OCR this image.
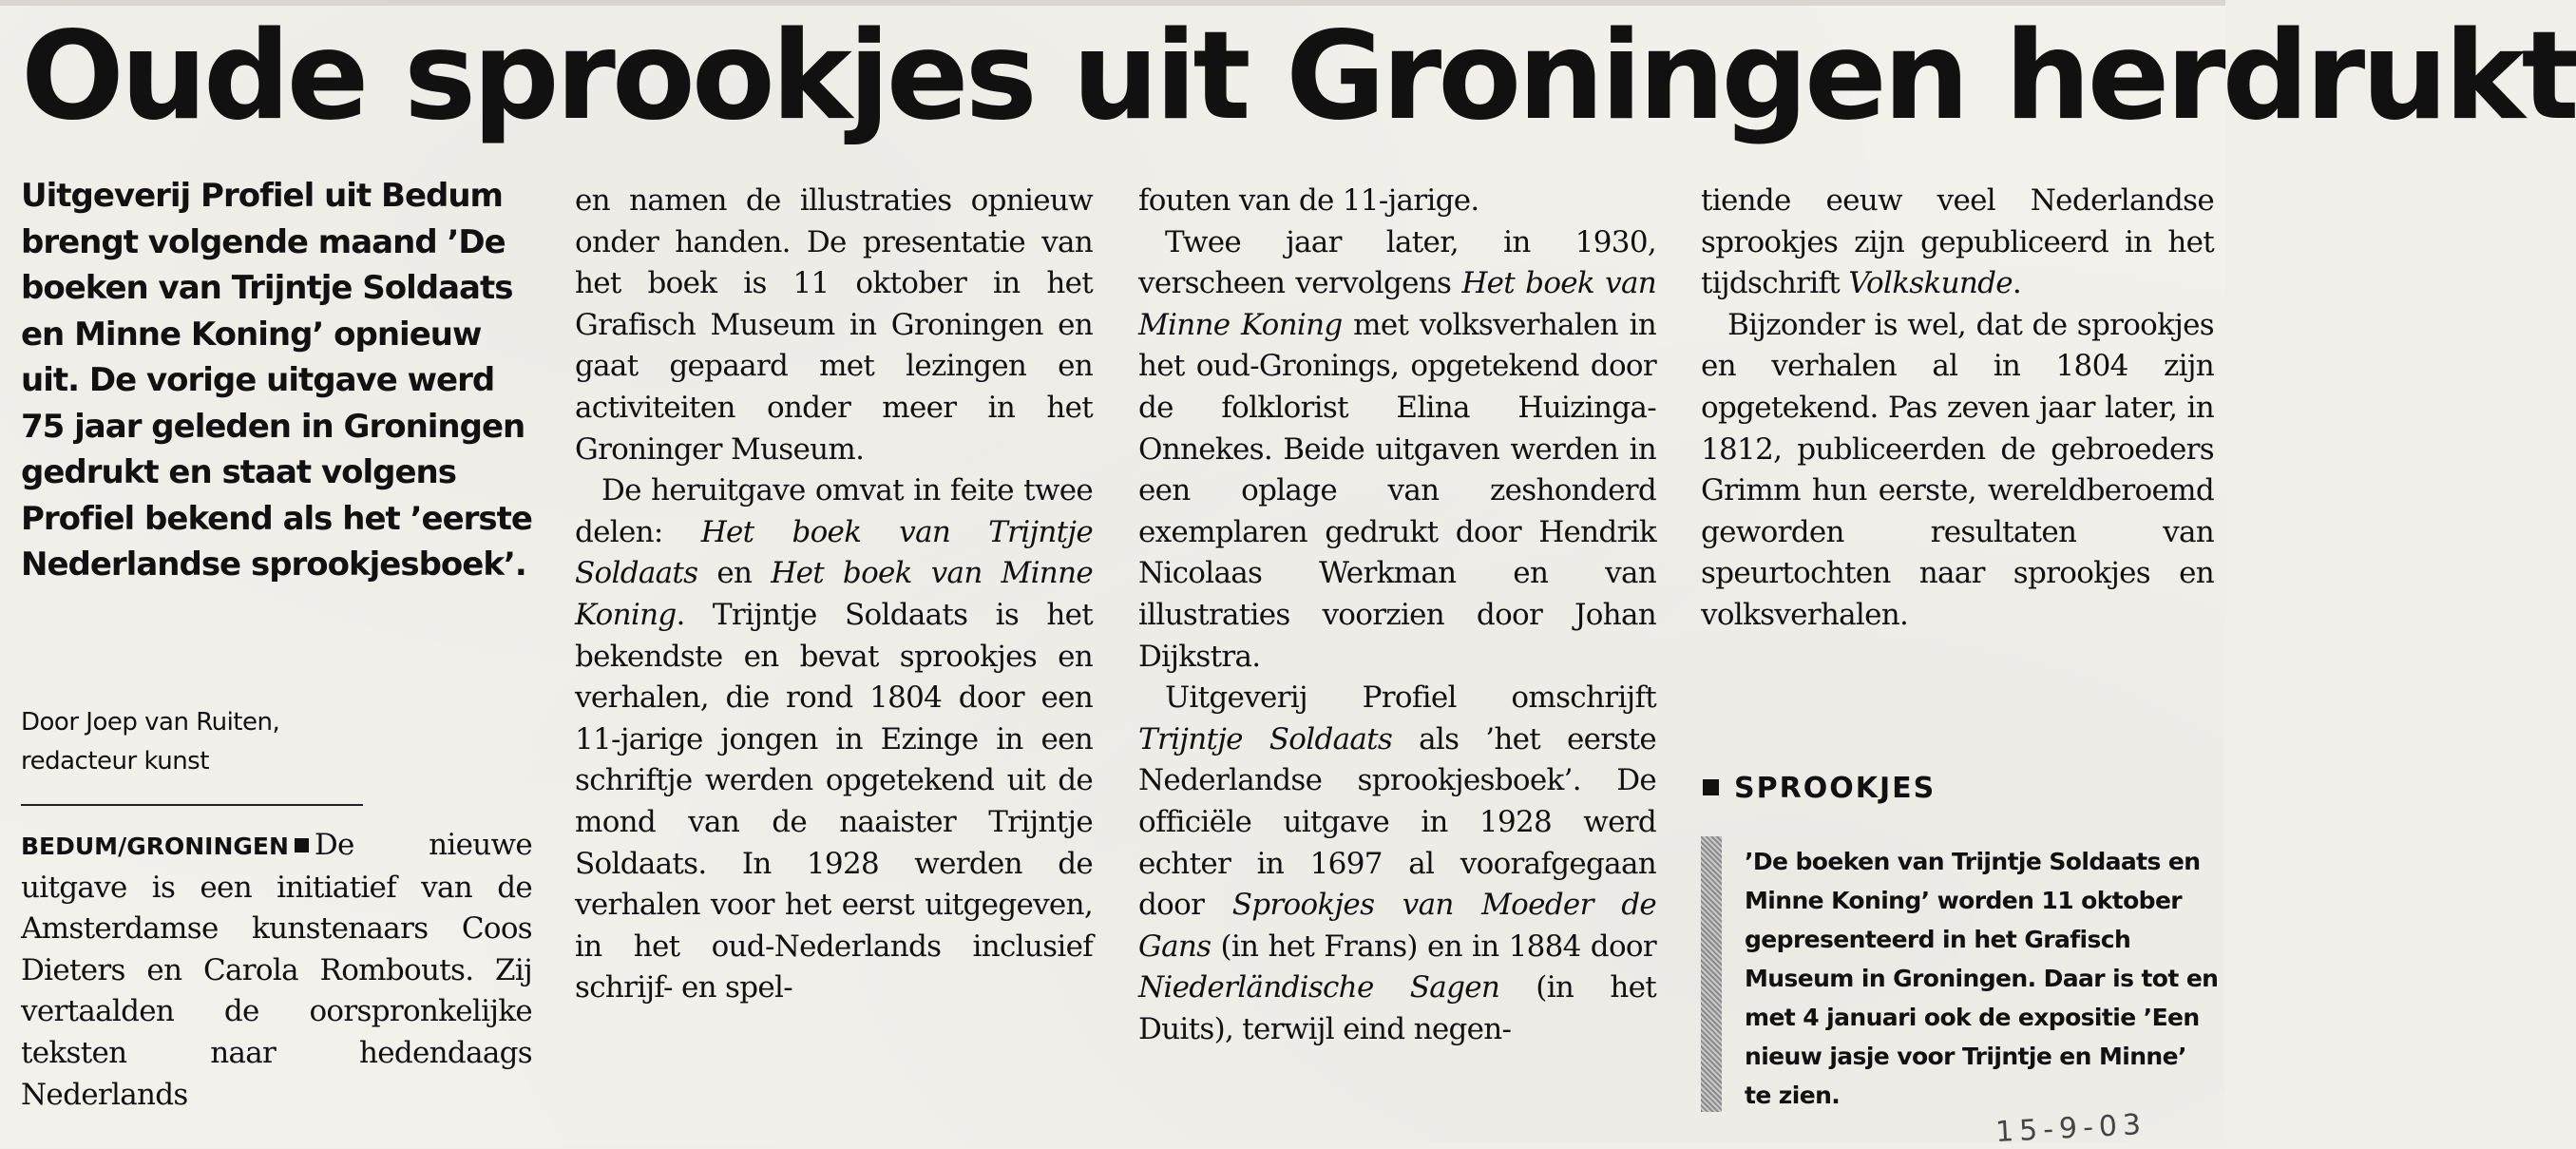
Oude sprookjes uit Groningen herdrukt

Uitgeverij Profiel uit Bedum brengt volgende maand ’De boeken van Trijntje Soldaats en Minne Koning’ opnieuw uit. De vorige uitgave werd 75 jaar geleden in Groningen gedrukt en staat volgens Profiel bekend als het ’eerste Nederlandse sprookjesboek’.

Door Joep van Ruiten,
redacteur kunst

BEDUM/GRONINGEN De nieuwe uitgave is een initiatief van de Amsterdamse kunstenaars Coos Dieters en Carola Rombouts. Zij vertaalden de oorspronkelijke teksten naar hedendaags Nederlands

en namen de illustraties opnieuw onder handen. De presentatie van het boek is 11 oktober in het Grafisch Museum in Groningen en gaat gepaard met lezingen en activiteiten onder meer in het Groninger Museum.

De heruitgave omvat in feite twee delen: Het boek van Trijntje Soldaats en Het boek van Minne Koning. Trijntje Soldaats is het bekendste en bevat sprookjes en verhalen, die rond 1804 door een 11-jarige jongen in Ezinge in een schriftje werden opgetekend uit de mond van de naaister Trijntje Soldaats. In 1928 werden de verhalen voor het eerst uitgegeven, in het oud-Nederlands inclusief schrijf- en spel-

fouten van de 11-jarige.

Twee jaar later, in 1930, verscheen vervolgens Het boek van Minne Koning met volksverhalen in het oud-Gronings, opgetekend door de folklorist Elina Huizinga-Onnekes. Beide uitgaven werden in een oplage van zeshonderd exemplaren gedrukt door Hendrik Nicolaas Werkman en van illustraties voorzien door Johan Dijkstra.

Uitgeverij Profiel omschrijft Trijntje Soldaats als ’het eerste Nederlandse sprookjesboek’. De officiële uitgave in 1928 werd echter in 1697 al voorafgegaan door Sprookjes van Moeder de Gans (in het Frans) en in 1884 door Niederländische Sagen (in het Duits), terwijl eind negen-

tiende eeuw veel Nederlandse sprookjes zijn gepubliceerd in het tijdschrift Volkskunde.

Bijzonder is wel, dat de sprookjes en verhalen al in 1804 zijn opgetekend. Pas zeven jaar later, in 1812, publiceerden de gebroeders Grimm hun eerste, wereldberoemd geworden resultaten van speurtochten naar sprookjes en volksverhalen.

SPROOKJES

’De boeken van Trijntje Soldaats en Minne Koning’ worden 11 oktober gepresenteerd in het Grafisch Museum in Groningen. Daar is tot en met 4 januari ook de expositie ’Een nieuw jasje voor Trijntje en Minne’ te zien.

15-9-03
